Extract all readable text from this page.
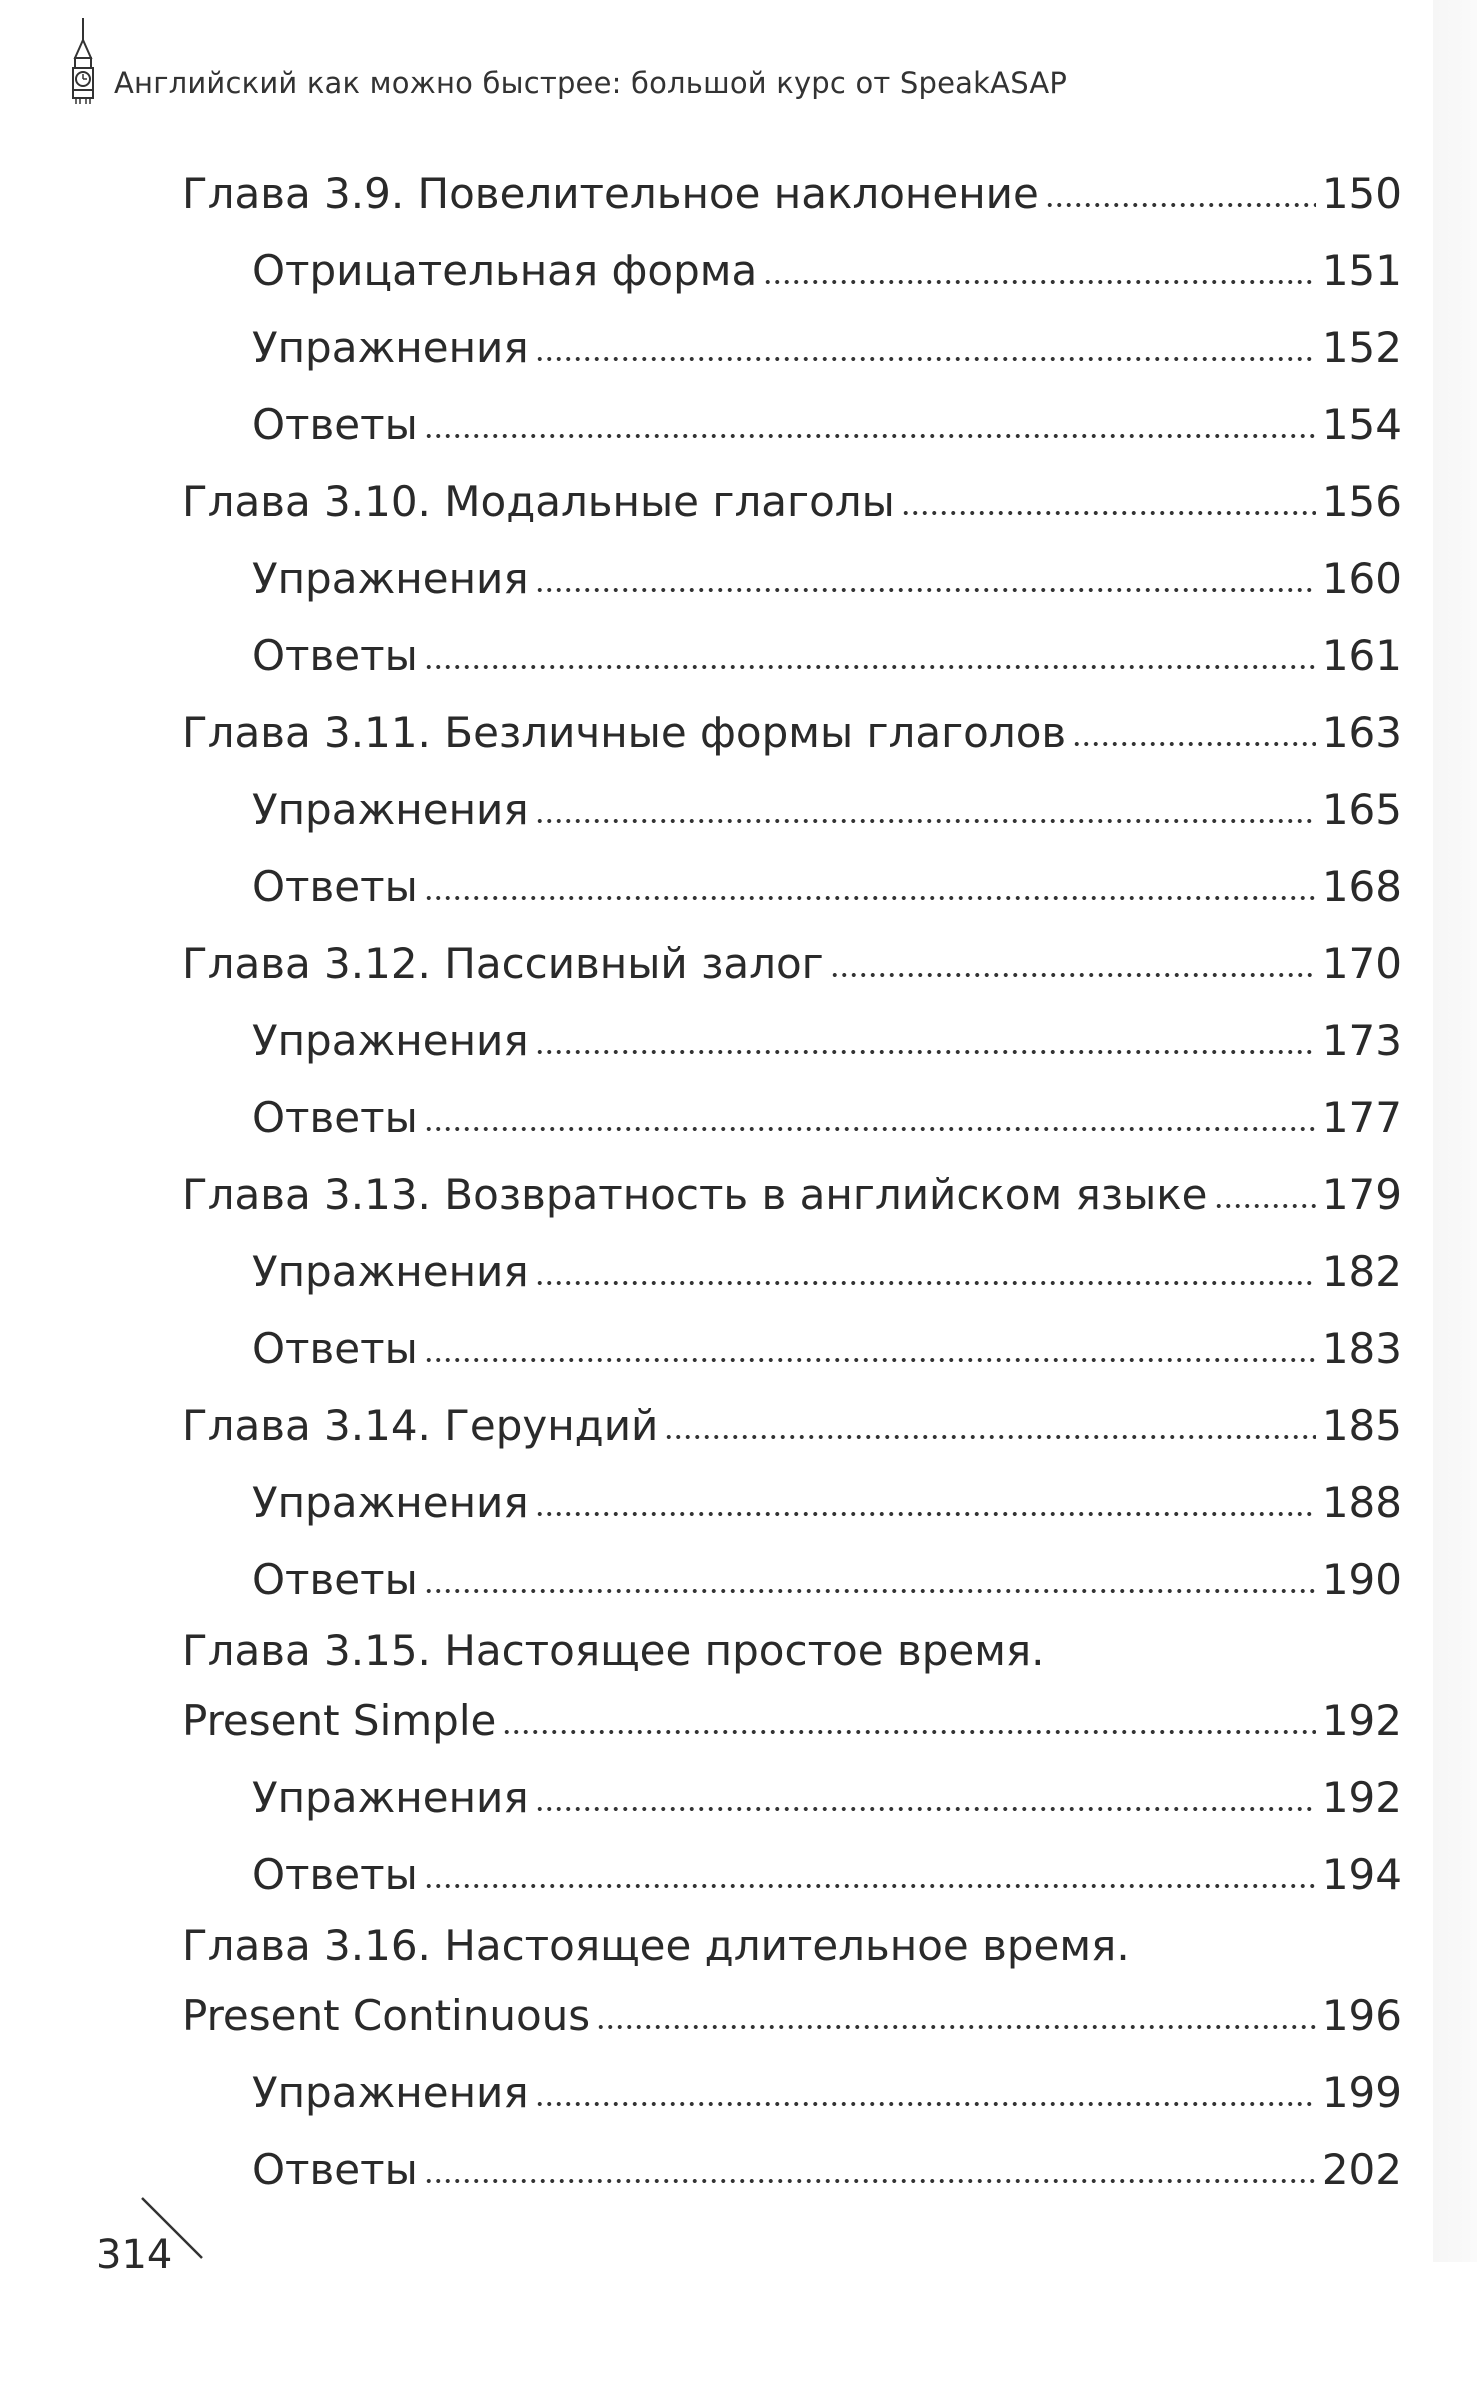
Английский как можно быстрее: большой курс от SpeakASAP
Глава 3.9. Повелительное наклонение	150
Отрицательная форма	151
Упражнения	152
Ответы	154
Глава 3.10. Модальные глаголы	156
Упражнения	160
Ответы	161
Глава 3.11. Безличные формы глаголов	163
Упражнения	165
Ответы	168
Глава 3.12. Пассивный залог	170
Упражнения	173
Ответы	177
Глава 3.13. Возвратность в английском языке	179
Упражнения	182
Ответы	183
Глава 3.14. Герундий	185
Упражнения	188
Ответы	190
Глава 3.15. Настоящее простое время.
Present Simple	192
Упражнения	192
Ответы	194
Глава 3.16. Настоящее длительное время.
Present Continuous	196
Упражнения	199
Ответы	202
314
